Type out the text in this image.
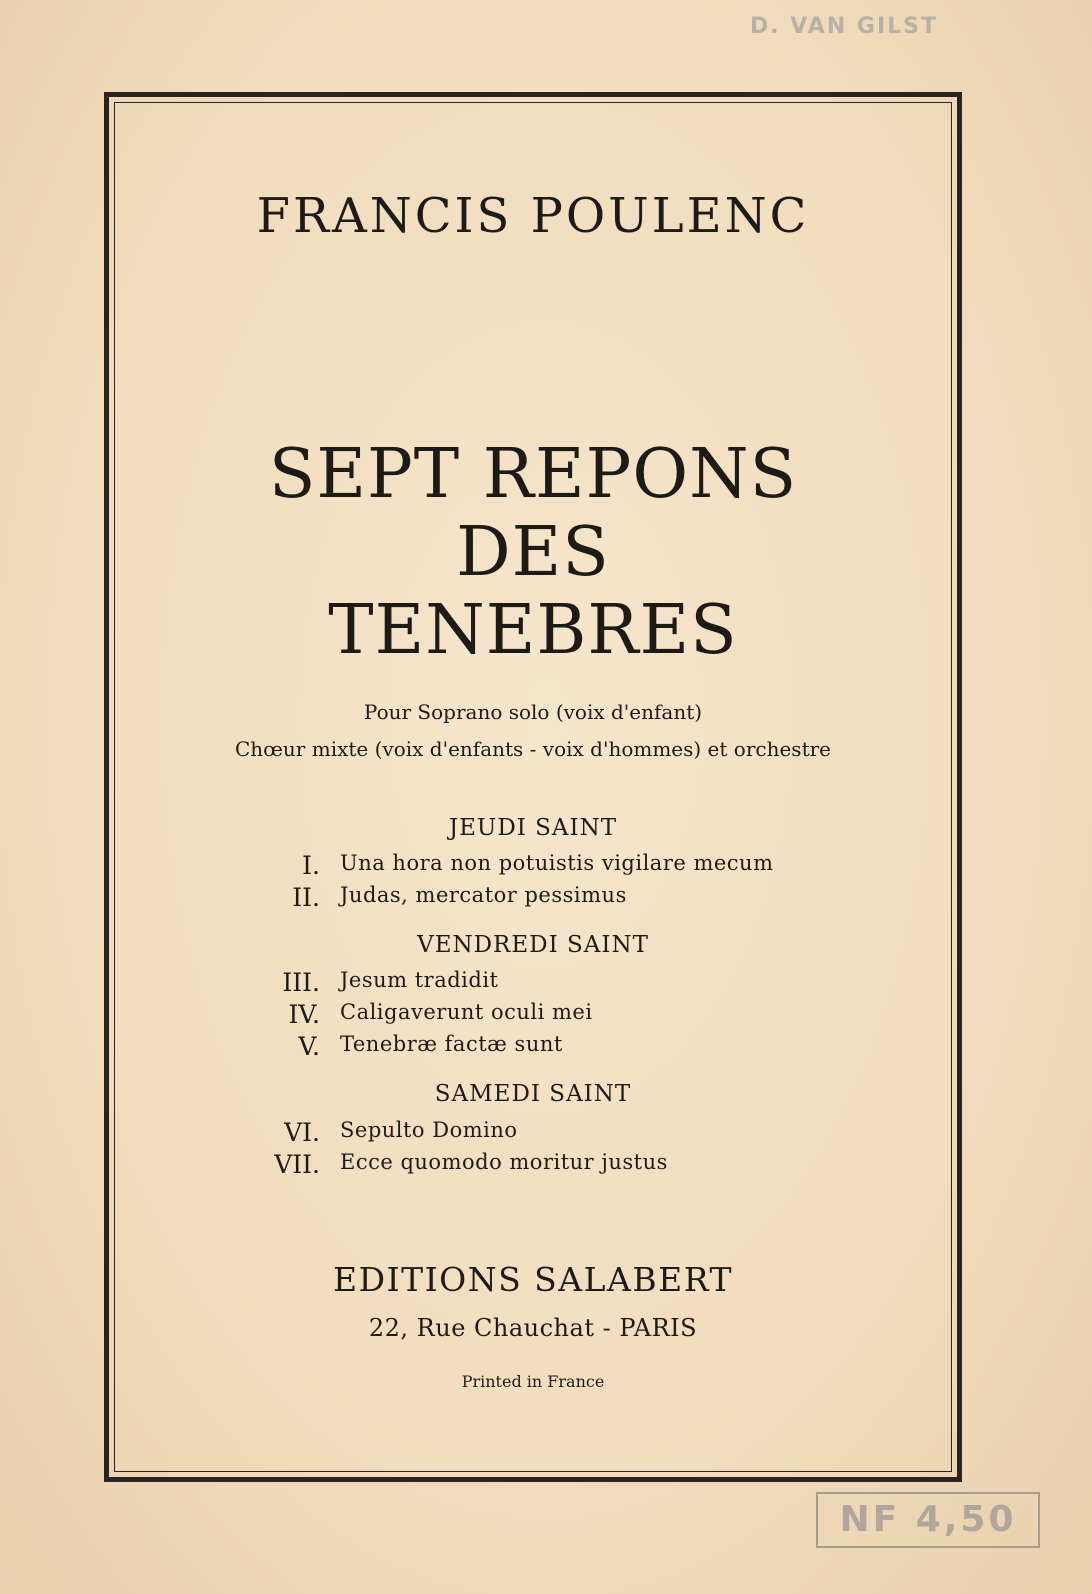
D. VAN GILST
FRANCIS POULENC
SEPT REPONS
DES
TENEBRES
Pour Soprano solo (voix d'enfant)
Chœur mixte (voix d'enfants - voix d'hommes) et orchestre
JEUDI SAINT
I. Una hora non potuistis vigilare mecum
II. Judas, mercator pessimus
VENDREDI SAINT
III. Jesum tradidit
IV. Caligaverunt oculi mei
V. Tenebræ factæ sunt
SAMEDI SAINT
VI. Sepulto Domino
VII. Ecce quomodo moritur justus
EDITIONS SALABERT
22, Rue Chauchat - PARIS
Printed in France
NF 4,50
